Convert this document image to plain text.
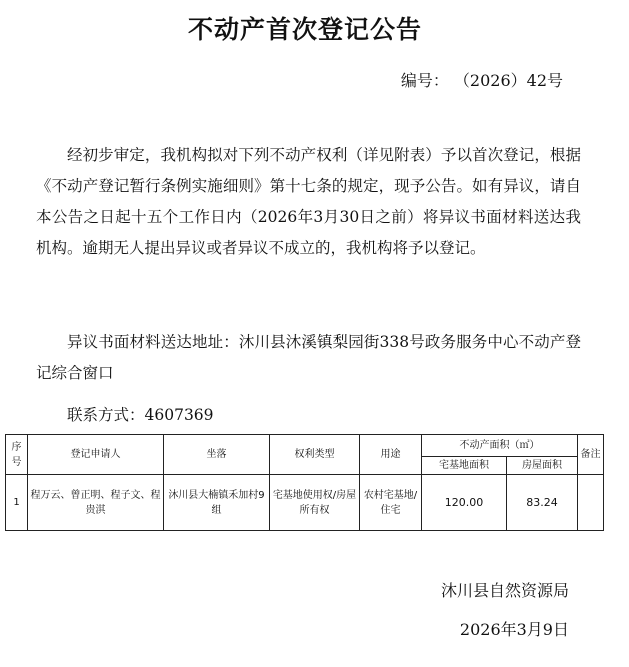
不动产首次登记公告
编号： （2026）42号
经初步审定，我机构拟对下列不动产权利（详见附表）予以首次登记，根据《不动产登记暂行条例实施细则》第十七条的规定，现予公告。如有异议，请自本公告之日起十五个工作日内（2026年3月30日之前）将异议书面材料送达我机构。逾期无人提出异议或者异议不成立的，我机构将予以登记。
异议书面材料送达地址：沐川县沐溪镇梨园街338号政务服务中心不动产登记综合窗口
联系方式：4607369
序号	登记申请人	坐落	权利类型	用途	不动产面积（㎡）		备注
					宅基地面积	房屋面积	
1	程万云、曾正明、程子文、程贵淇	沐川县大楠镇禾加村9组	宅基地使用权/房屋所有权	农村宅基地/住宅	120.00	83.24	
沐川县自然资源局
2026年3月9日
